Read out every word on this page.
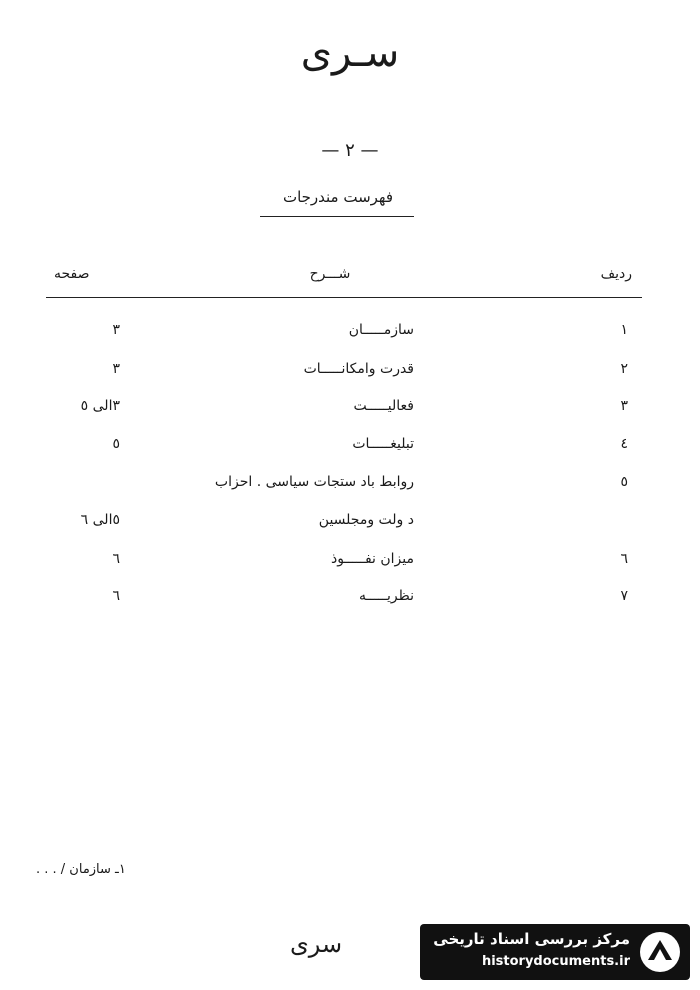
سـری
— ٢ —
فهرست مندرجات
ردیف
شـــرح
صفحه
١
سازمـــــان
٣
٢
قدرت وامکانـــــات
٣
٣
فعالیـــــت
٣الی ٥
٤
تبلیغـــــات
٥
٥
روابط باد ستجات سیاسی . احزاب
د ولت ومجلسین
٥الی ٦
٦
میزان نفـــــوذ
٦
٧
نظریـــــه
٦
١ـ سازمان / . . .
سری	مرکز بررسی اسناد تاریخی
historydocuments.ir
